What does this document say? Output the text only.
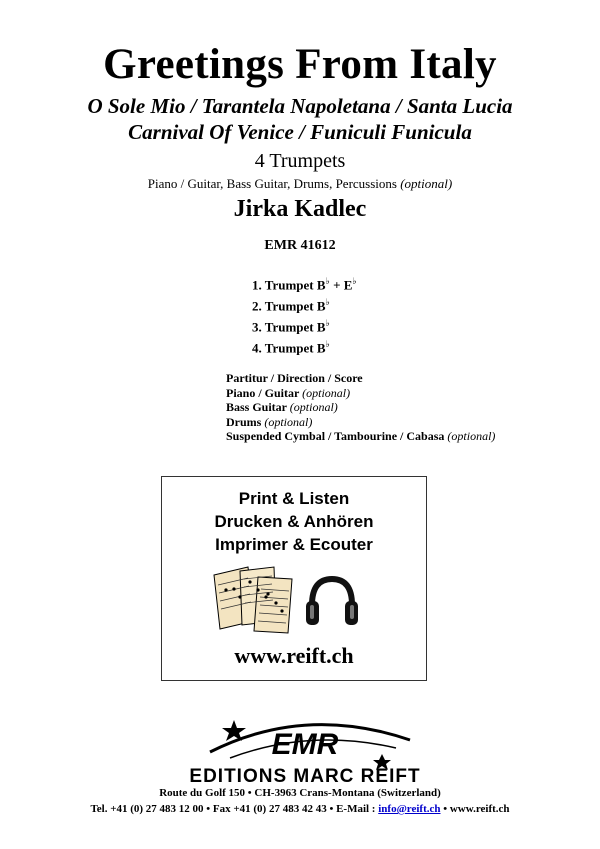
Greetings From Italy
O Sole Mio / Tarantela Napoletana / Santa Lucia
Carnival Of Venice / Funiculi Funicula
4 Trumpets
Piano / Guitar, Bass Guitar, Drums, Percussions (optional)
Jirka Kadlec
EMR 41612
1. Trumpet B♭ + E♭
2. Trumpet B♭
3. Trumpet B♭
4. Trumpet B♭
Partitur / Direction / Score
Piano / Guitar (optional)
Bass Guitar (optional)
Drums (optional)
Suspended Cymbal / Tambourine / Cabasa (optional)
Print & Listen
Drucken & Anhören
Imprimer & Ecouter
www.reift.ch
EMR
EDITIONS MARC REIFT
Route du Golf 150 • CH-3963 Crans-Montana (Switzerland)
Tel. +41 (0) 27 483 12 00 • Fax +41 (0) 27 483 42 43 • E-Mail : info@reift.ch • www.reift.ch
